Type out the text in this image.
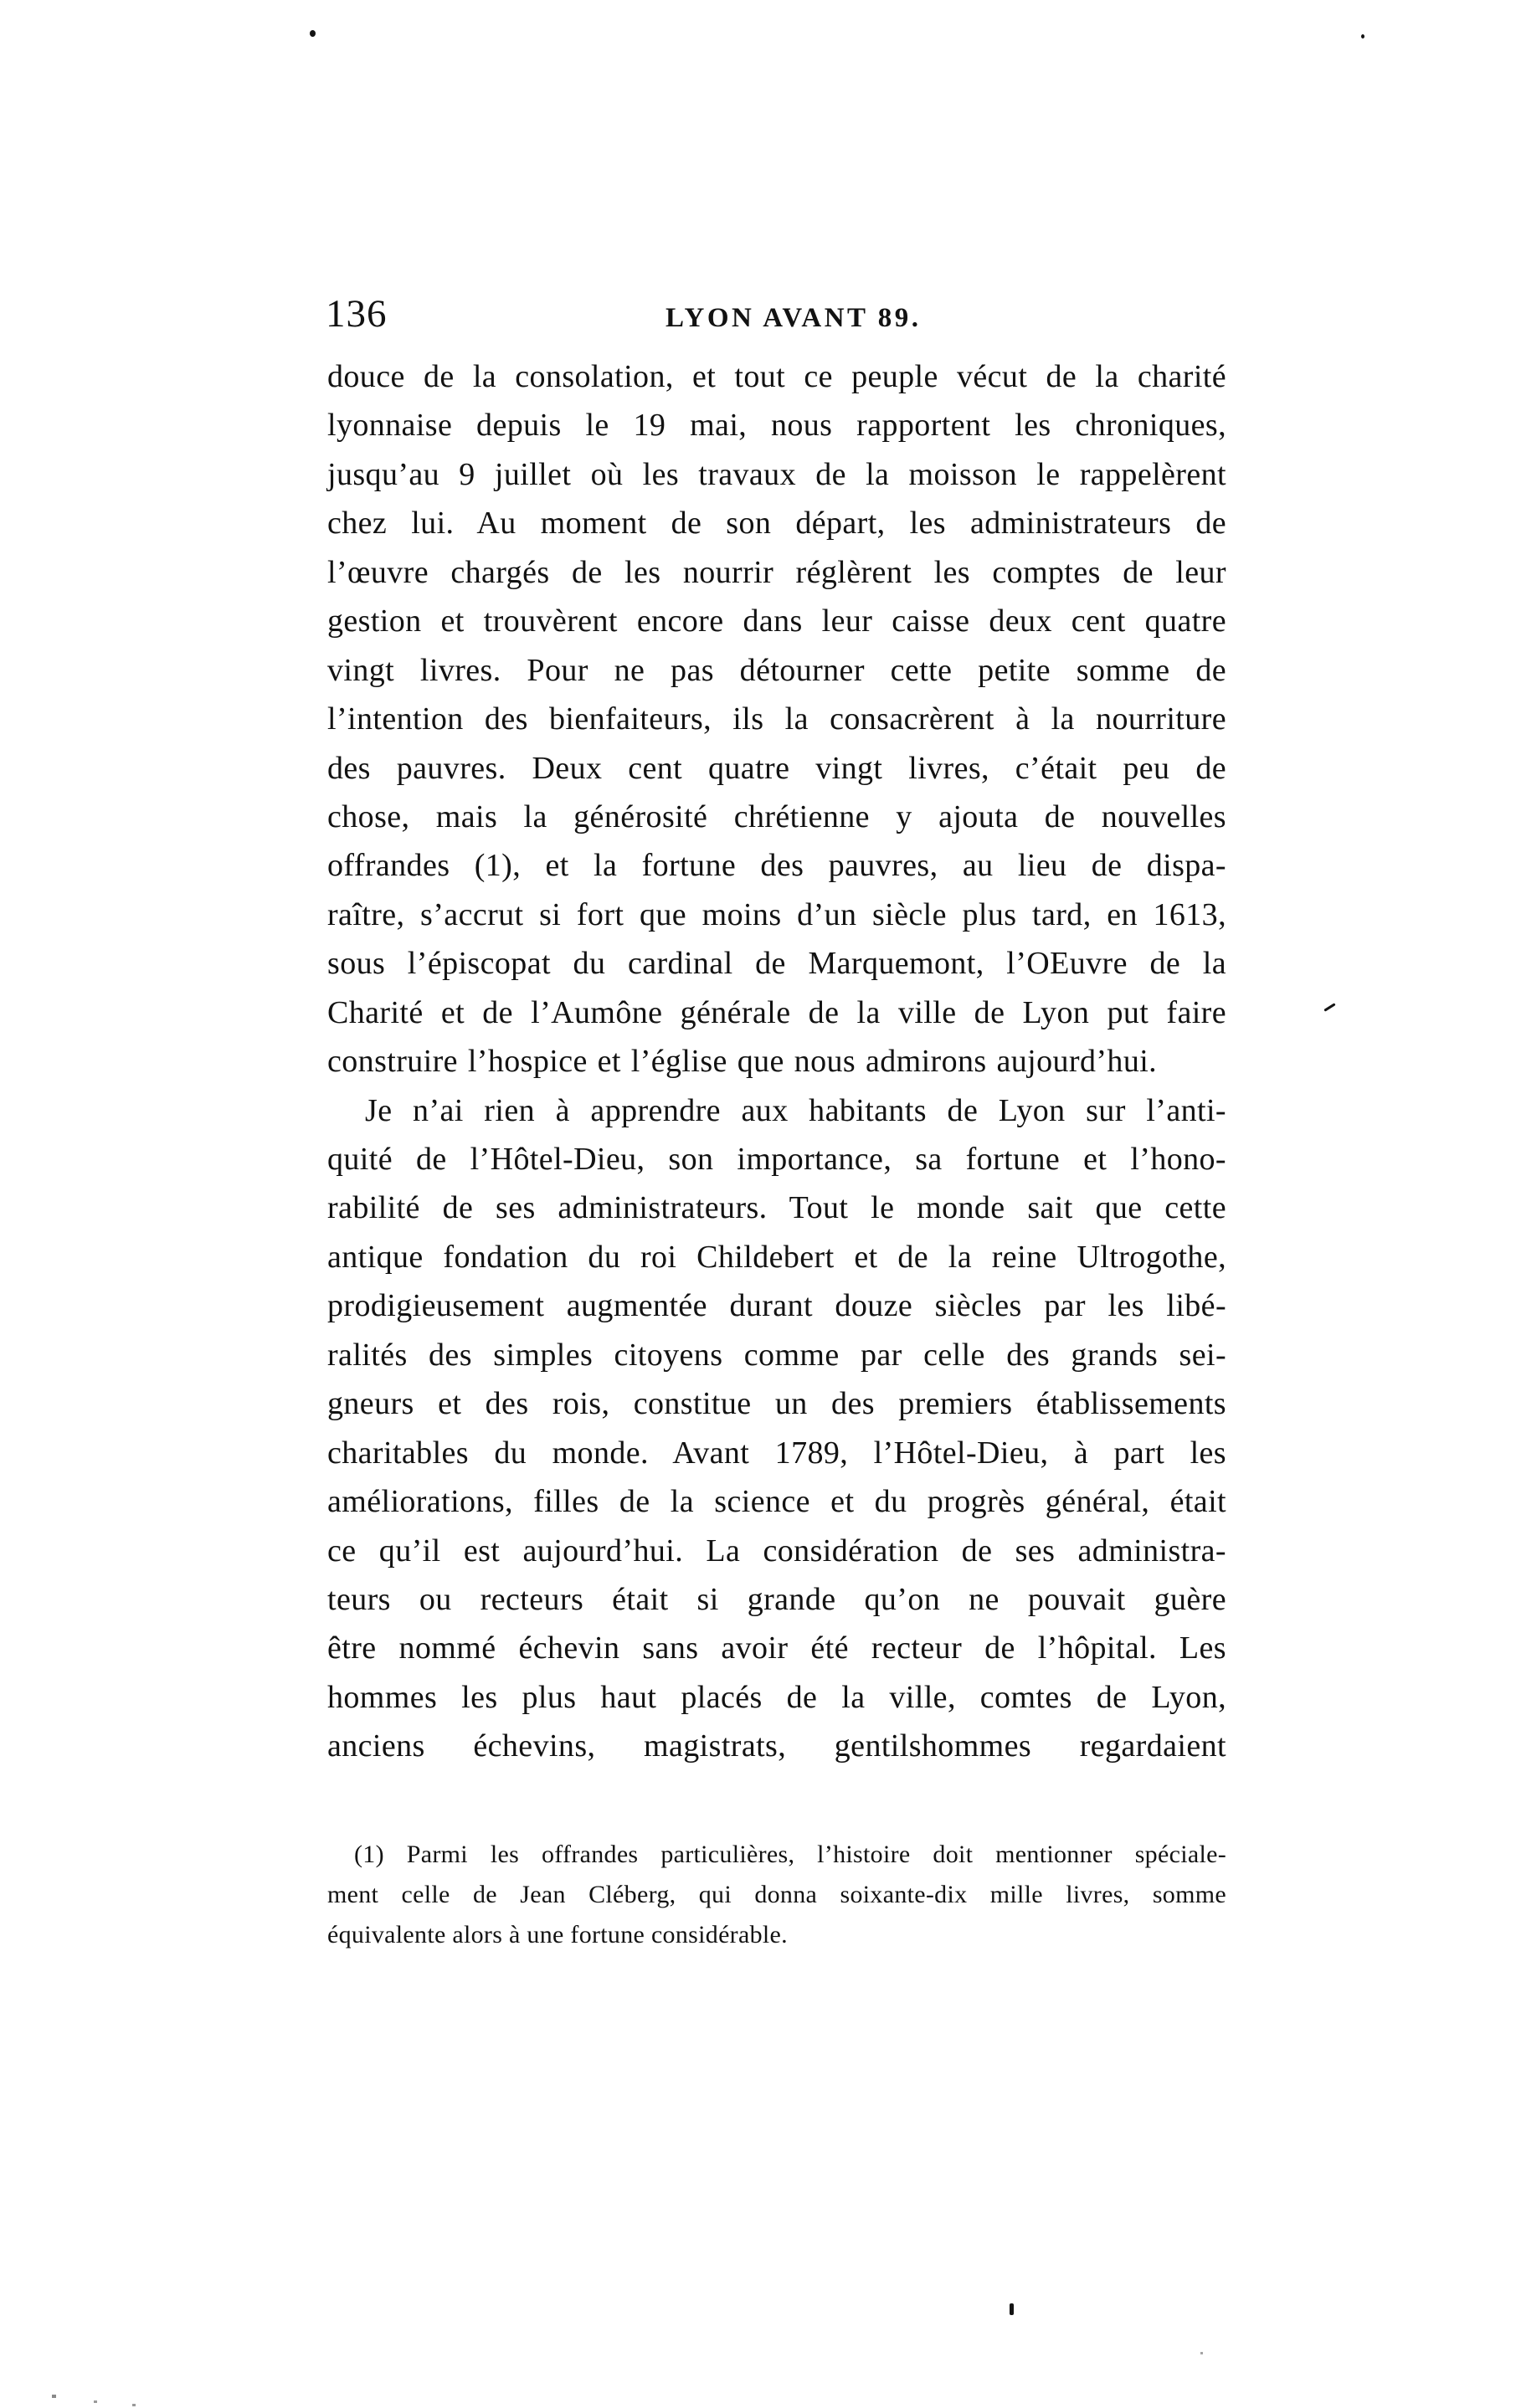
136	LYON AVANT 89.
douce de la consolation, et tout ce peuple vécut de la charité
lyonnaise depuis le 19 mai, nous rapportent les chroniques,
jusqu’au 9 juillet où les travaux de la moisson le rappelèrent
chez lui. Au moment de son départ, les administrateurs de
l’œuvre chargés de les nourrir réglèrent les comptes de leur
gestion et trouvèrent encore dans leur caisse deux cent quatre
vingt livres. Pour ne pas détourner cette petite somme de
l’intention des bienfaiteurs, ils la consacrèrent à la nourriture
des pauvres. Deux cent quatre vingt livres, c’était peu de
chose, mais la générosité chrétienne y ajouta de nouvelles
offrandes (1), et la fortune des pauvres, au lieu de dispa-
raître, s’accrut si fort que moins d’un siècle plus tard, en 1613,
sous l’épiscopat du cardinal de Marquemont, l’OEuvre de la
Charité et de l’Aumône générale de la ville de Lyon put faire
construire l’hospice et l’église que nous admirons aujourd’hui.
Je n’ai rien à apprendre aux habitants de Lyon sur l’anti-
quité de l’Hôtel-Dieu, son importance, sa fortune et l’hono-
rabilité de ses administrateurs. Tout le monde sait que cette
antique fondation du roi Childebert et de la reine Ultrogothe,
prodigieusement augmentée durant douze siècles par les libé-
ralités des simples citoyens comme par celle des grands sei-
gneurs et des rois, constitue un des premiers établissements
charitables du monde. Avant 1789, l’Hôtel-Dieu, à part les
améliorations, filles de la science et du progrès général, était
ce qu’il est aujourd’hui. La considération de ses administra-
teurs ou recteurs était si grande qu’on ne pouvait guère
être nommé échevin sans avoir été recteur de l’hôpital. Les
hommes les plus haut placés de la ville, comtes de Lyon,
anciens échevins, magistrats, gentilshommes regardaient
(1) Parmi les offrandes particulières, l’histoire doit mentionner spéciale-
ment celle de Jean Cléberg, qui donna soixante-dix mille livres, somme
équivalente alors à une fortune considérable.
